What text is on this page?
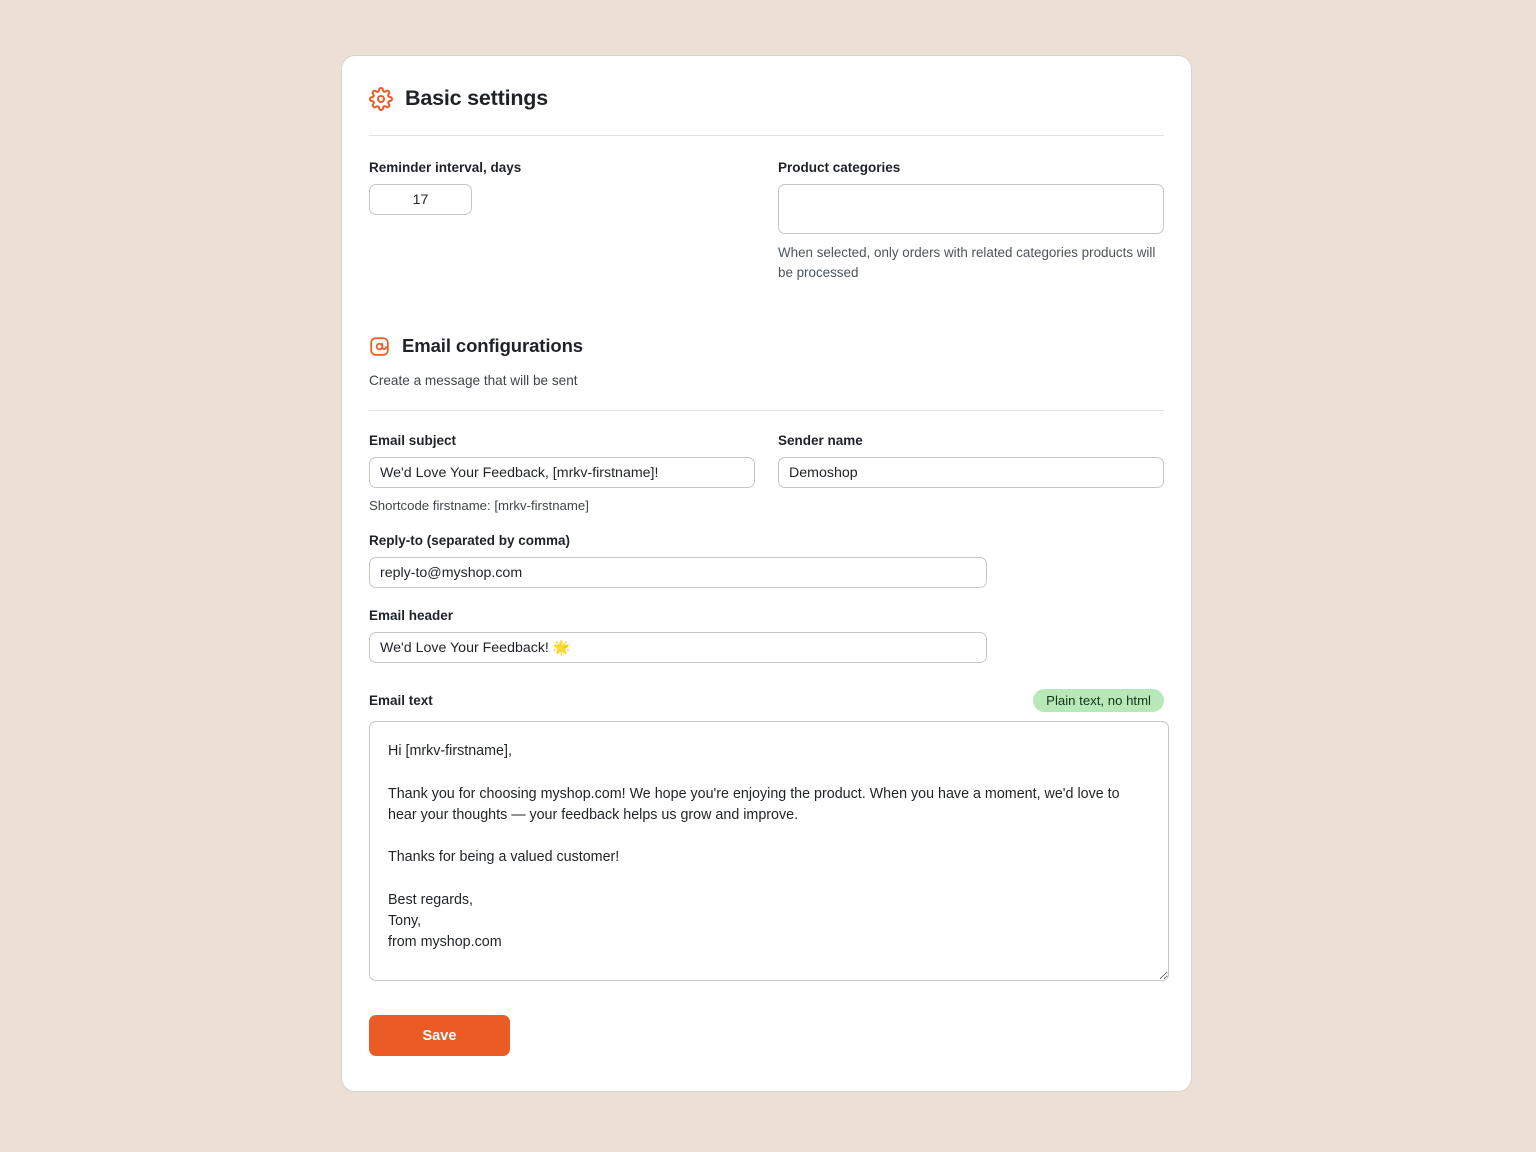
Basic settings
Reminder interval, days
17	Product categories
When selected, only orders with related categories products will be processed
Email configurations
Create a message that will be sent
Email subject
We'd Love Your Feedback, [mrkv-firstname]!
Shortcode firstname: [mrkv-firstname]
Sender name
Demoshop
Reply-to (separated by comma)
reply-to@myshop.com
Email header
We'd Love Your Feedback! 🌟
Email text	Plain text, no html
Hi [mrkv-firstname], Thank you for choosing myshop.com! We hope you're enjoying the product. When you have a moment, we'd love to hear your thoughts — your feedback helps us grow and improve. Thanks for being a valued customer! Best regards, Tony, from myshop.com Save
